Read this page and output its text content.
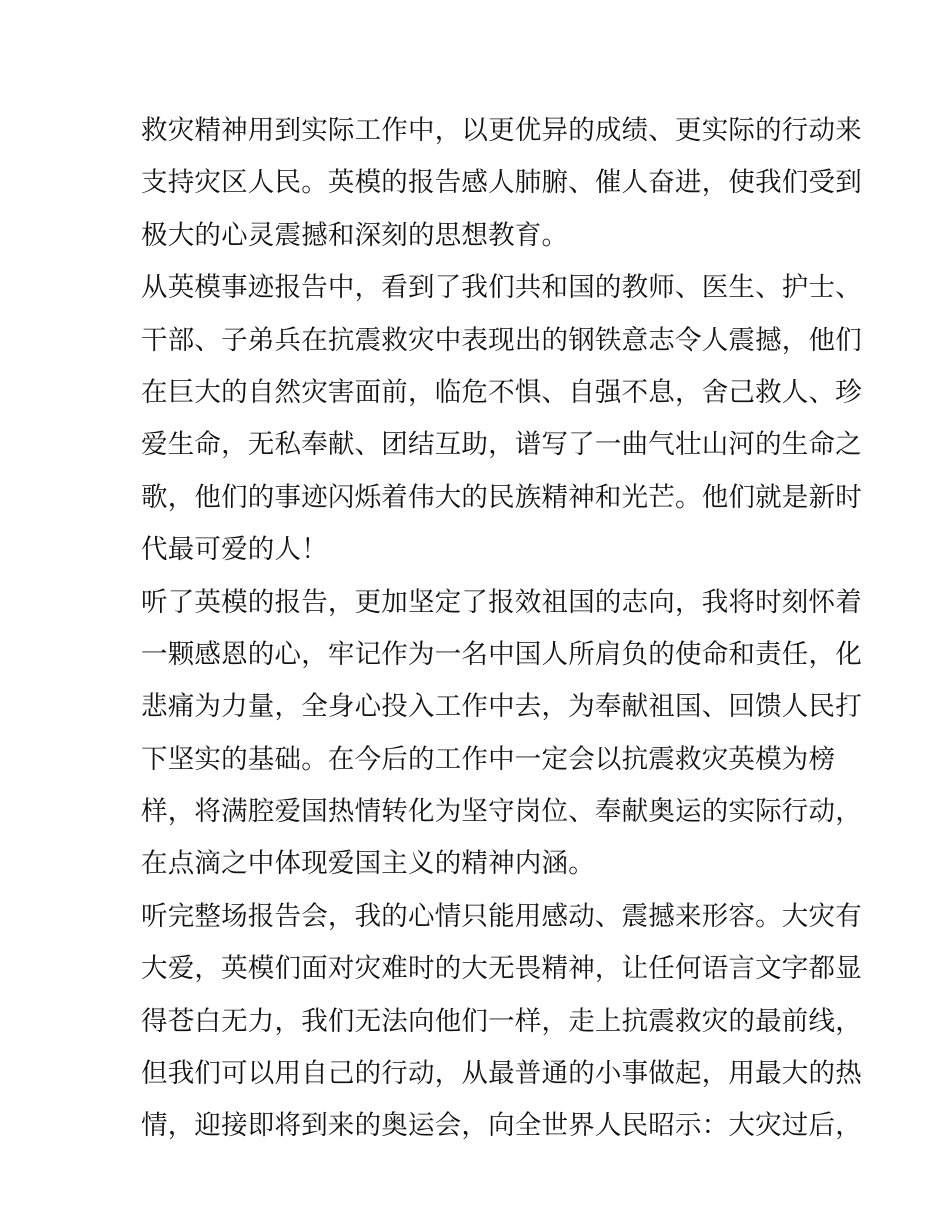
救灾精神用到实际工作中，以更优异的成绩、更实际的行动来
支持灾区人民。英模的报告感人肺腑、催人奋进，使我们受到
极大的心灵震撼和深刻的思想教育。
从英模事迹报告中，看到了我们共和国的教师、医生、护士、
干部、子弟兵在抗震救灾中表现出的钢铁意志令人震撼，他们
在巨大的自然灾害面前，临危不惧、自强不息，舍己救人、珍
爱生命，无私奉献、团结互助，谱写了一曲气壮山河的生命之
歌，他们的事迹闪烁着伟大的民族精神和光芒。他们就是新时
代最可爱的人！
听了英模的报告，更加坚定了报效祖国的志向，我将时刻怀着
一颗感恩的心，牢记作为一名中国人所肩负的使命和责任，化
悲痛为力量，全身心投入工作中去，为奉献祖国、回馈人民打
下坚实的基础。在今后的工作中一定会以抗震救灾英模为榜
样，将满腔爱国热情转化为坚守岗位、奉献奥运的实际行动，
在点滴之中体现爱国主义的精神内涵。
听完整场报告会，我的心情只能用感动、震撼来形容。大灾有
大爱，英模们面对灾难时的大无畏精神，让任何语言文字都显
得苍白无力，我们无法向他们一样，走上抗震救灾的最前线，
但我们可以用自己的行动，从最普通的小事做起，用最大的热
情，迎接即将到来的奥运会，向全世界人民昭示：大灾过后，
